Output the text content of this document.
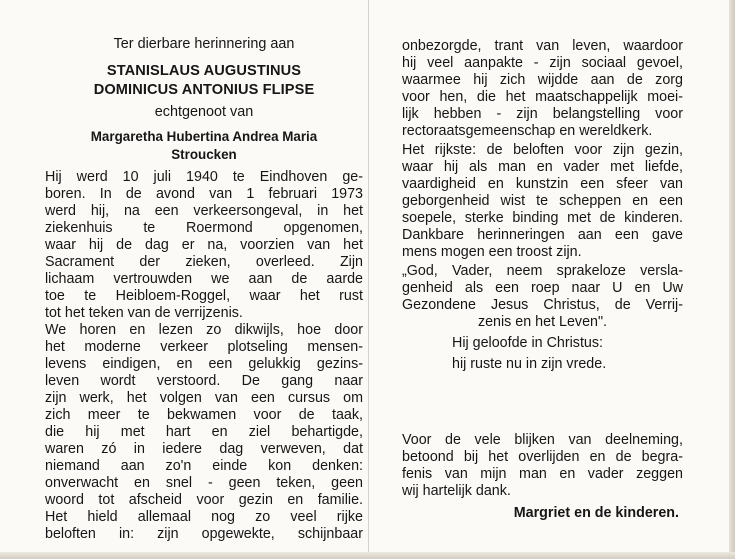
Ter dierbare herinnering aan
STANISLAUS AUGUSTINUS
DOMINICUS ANTONIUS FLIPSE
echtgenoot van
Margaretha Hubertina Andrea Maria
Stroucken
Hij werd 10 juli 1940 te Eindhoven ge-
boren. In de avond van 1 februari 1973
werd hij, na een verkeersongeval, in het
ziekenhuis te Roermond opgenomen,
waar hij de dag er na, voorzien van het
Sacrament der zieken, overleed. Zijn
lichaam vertrouwden we aan de aarde
toe te Heibloem-Roggel, waar het rust
tot het teken van de verrijzenis.
We horen en lezen zo dikwijls, hoe door
het moderne verkeer plotseling mensen-
levens eindigen, en een gelukkig gezins-
leven wordt verstoord. De gang naar
zijn werk, het volgen van een cursus om
zich meer te bekwamen voor de taak,
die hij met hart en ziel behartigde,
waren zó in iedere dag verweven, dat
niemand aan zo'n einde kon denken:
onverwacht en snel - geen teken, geen
woord tot afscheid voor gezin en familie.
Het hield allemaal nog zo veel rijke
beloften in: zijn opgewekte, schijnbaar
onbezorgde, trant van leven, waardoor
hij veel aanpakte - zijn sociaal gevoel,
waarmee hij zich wijdde aan de zorg
voor hen, die het maatschappelijk moei-
lijk hebben - zijn belangstelling voor
rectoraatsgemeenschap en wereldkerk.
Het rijkste: de beloften voor zijn gezin,
waar hij als man en vader met liefde,
vaardigheid en kunstzin een sfeer van
geborgenheid wist te scheppen en een
soepele, sterke binding met de kinderen.
Dankbare herinneringen aan een gave
mens mogen een troost zijn.
„God, Vader, neem sprakeloze versla-
genheid als een roep naar U en Uw
Gezondene Jesus Christus, de Verrij-
zenis en het Leven".
Hij geloofde in Christus:
hij ruste nu in zijn vrede.
Voor de vele blijken van deelneming,
betoond bij het overlijden en de begra-
fenis van mijn man en vader zeggen
wij hartelijk dank.
Margriet en de kinderen.
